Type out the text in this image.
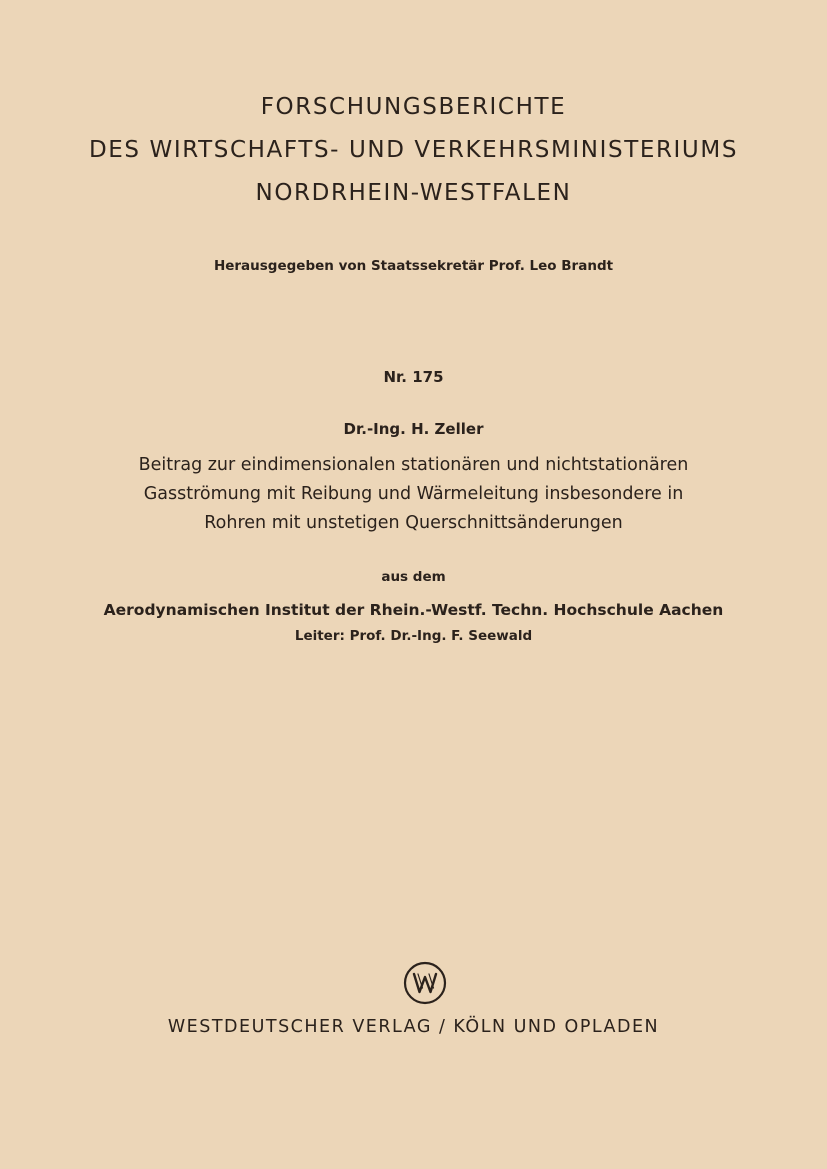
FORSCHUNGSBERICHTE
DES WIRTSCHAFTS- UND VERKEHRSMINISTERIUMS
NORDRHEIN-WESTFALEN
Herausgegeben von Staatssekretär Prof. Leo Brandt
Nr. 175
Dr.-Ing. H. Zeller
Beitrag zur eindimensionalen stationären und nichtstationären
Gasströmung mit Reibung und Wärmeleitung insbesondere in
Rohren mit unstetigen Querschnittsänderungen
aus dem
Aerodynamischen Institut der Rhein.-Westf. Techn. Hochschule Aachen
Leiter: Prof. Dr.-Ing. F. Seewald
WESTDEUTSCHER VERLAG / KÖLN UND OPLADEN
